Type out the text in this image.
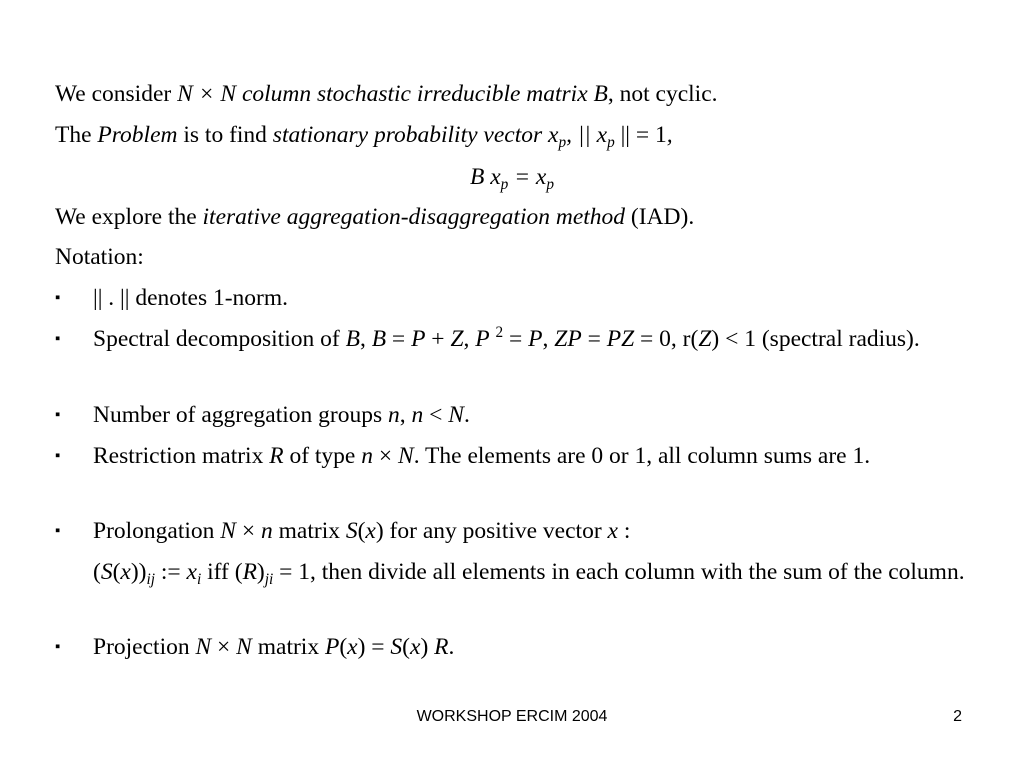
We consider N × N column stochastic irreducible matrix B, not cyclic.
The Problem is to find stationary probability vector $x_p$, || $x_p$ || = 1,
B $x_p = x_p$
We explore the iterative aggregation-disaggregation method (IAD).
Notation:
▪	|| . || denotes 1-norm.
▪	Spectral decomposition of B, B = P + Z, P $^2$ = P, ZP = PZ = 0, r(Z) < 1 (spectral radius).
▪	Number of aggregation groups n, n < N.
▪	Restriction matrix R of type n × N. The elements are 0 or 1, all column sums are 1.
▪	Prolongation N × n matrix S(x) for any positive vector x :
$(S(x))_{ij}$ := $x_i$ iff $(R)_{ji} = 1$, then divide all elements in each column with the sum of the column.
▪	Projection N × N matrix P(x) = S(x) R.
WORKSHOP ERCIM 2004	2
